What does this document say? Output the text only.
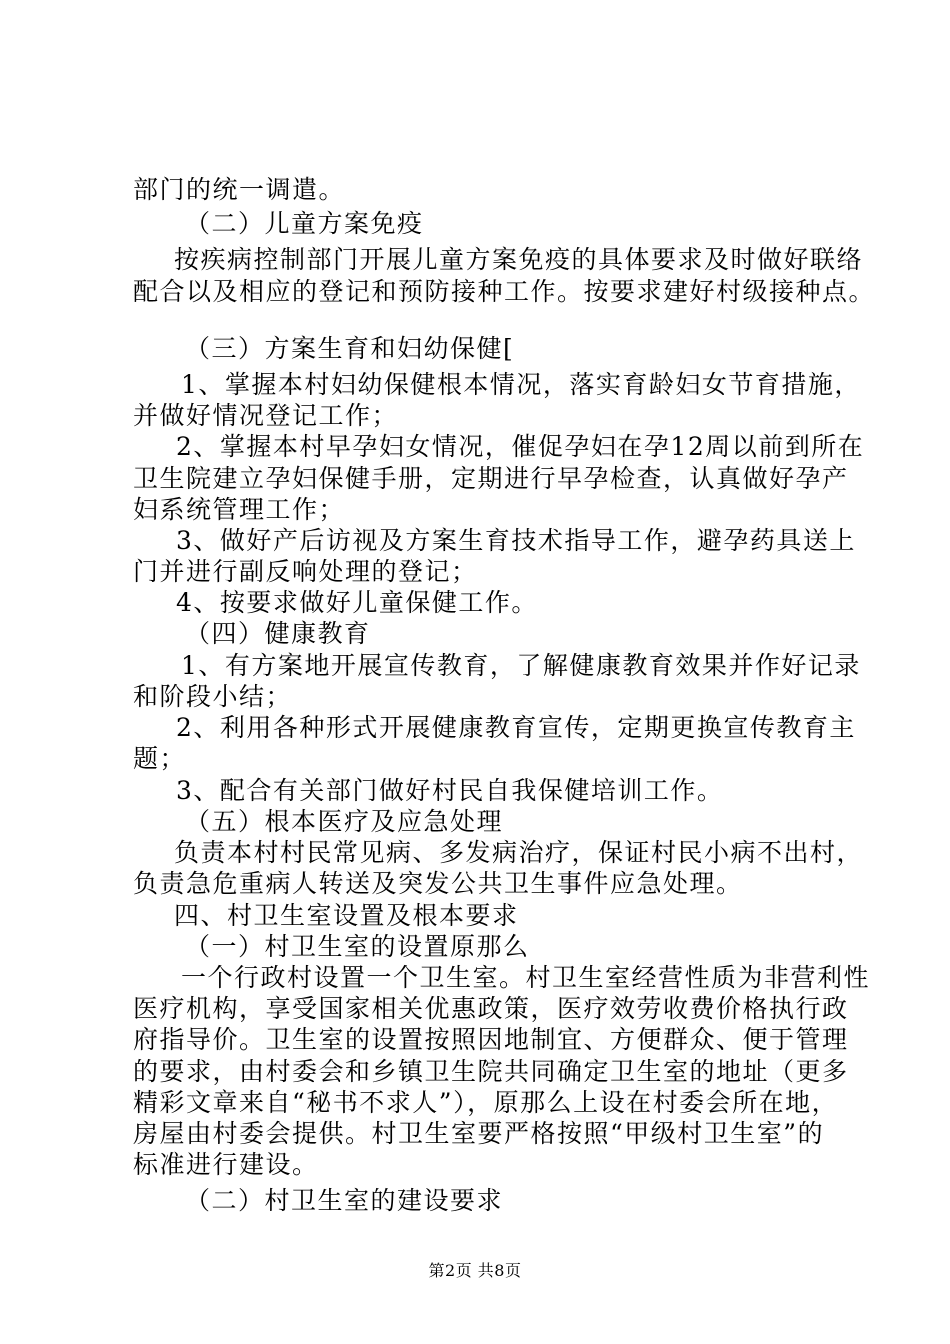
部门的统一调遣。
（二）儿童方案免疫
按疾病控制部门开展儿童方案免疫的具体要求及时做好联络
配合以及相应的登记和预防接种工作。按要求建好村级接种点。
（三）方案生育和妇幼保健[
1、掌握本村妇幼保健根本情况，落实育龄妇女节育措施，
并做好情况登记工作；
2、掌握本村早孕妇女情况，催促孕妇在孕12周以前到所在
卫生院建立孕妇保健手册，定期进行早孕检查，认真做好孕产
妇系统管理工作；
3、做好产后访视及方案生育技术指导工作，避孕药具送上
门并进行副反响处理的登记；
4、按要求做好儿童保健工作。
（四）健康教育
1、有方案地开展宣传教育，了解健康教育效果并作好记录
和阶段小结；
2、利用各种形式开展健康教育宣传，定期更换宣传教育主
题；
3、配合有关部门做好村民自我保健培训工作。
（五）根本医疗及应急处理
负责本村村民常见病、多发病治疗，保证村民小病不出村，
负责急危重病人转送及突发公共卫生事件应急处理。
四、村卫生室设置及根本要求
（一）村卫生室的设置原那么
一个行政村设置一个卫生室。村卫生室经营性质为非营利性
医疗机构，享受国家相关优惠政策，医疗效劳收费价格执行政
府指导价。卫生室的设置按照因地制宜、方便群众、便于管理
的要求，由村委会和乡镇卫生院共同确定卫生室的地址（更多
精彩文章来自“秘书不求人”），原那么上设在村委会所在地，
房屋由村委会提供。村卫生室要严格按照“甲级村卫生室”的
标准进行建设。
（二）村卫生室的建设要求
第2页 共8页
